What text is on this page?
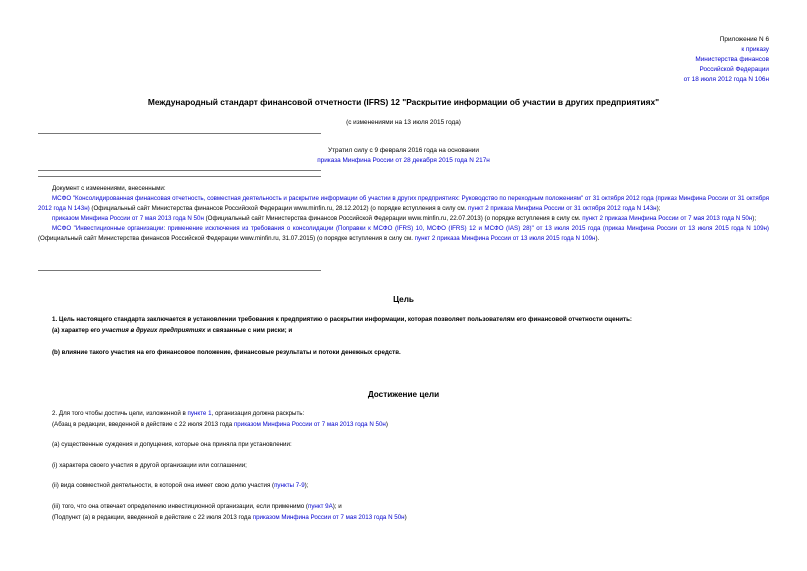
Приложение N 6
к приказу
Министерства финансов
Российской Федерации
от 18 июля 2012 года N 106н
Международный стандарт финансовой отчетности (IFRS) 12 "Раскрытие информации об участии в других предприятиях"
(с изменениями на 13 июля 2015 года)
Утратил силу с 9 февраля 2016 года на основании
приказа Минфина России от 28 декабря 2015 года N 217н

Документ с изменениями, внесенными:

МСФО "Консолидированная финансовая отчетность, совместная деятельность и раскрытие информации об участии в других предприятиях: Руководство по переходным положениям" от 31 октября 2012 года (приказ Минфина России от 31 октября 2012 года N 143н) (Официальный сайт Министерства финансов Российской Федерации www.minfin.ru, 28.12.2012) (о порядке вступления в силу см. пункт 2 приказа Минфина России от 31 октября 2012 года N 143н);

приказом Минфина России от 7 мая 2013 года N 50н (Официальный сайт Министерства финансов Российской Федерации www.minfin.ru, 22.07.2013) (о порядке вступления в силу см. пункт 2 приказа Минфина России от 7 мая 2013 года N 50н);

МСФО "Инвестиционные организации: применение исключения из требования о консолидации (Поправки к МСФО (IFRS) 10, МСФО (IFRS) 12 и МСФО (IAS) 28)" от 13 июля 2015 года (приказ Минфина России от 13 июля 2015 года N 109н) (Официальный сайт Министерства финансов Российской Федерации www.minfin.ru, 31.07.2015) (о порядке вступления в силу см. пункт 2 приказа Минфина России от 13 июля 2015 года N 109н).

Цель
1. Цель настоящего стандарта заключается в установлении требования к предприятию о раскрытии информации, которая позволяет пользователям его финансовой отчетности оценить:
(a) характер его участия в других предприятиях и связанные с ним риски; и
(b) влияние такого участия на его финансовое положение, финансовые результаты и потоки денежных средств.
Достижение цели
2. Для того чтобы достичь цели, изложенной в пункте 1, организация должна раскрыть:
(Абзац в редакции, введенной в действие с 22 июля 2013 года приказом Минфина России от 7 мая 2013 года N 50н)
(a) существенные суждения и допущения, которые она приняла при установлении:
(i) характера своего участия в другой организации или соглашении;
(ii) вида совместной деятельности, в которой она имеет свою долю участия (пункты 7-9);
(iii) того, что она отвечает определению инвестиционной организации, если применимо (пункт 9A); и
(Подпункт (a) в редакции, введенной в действие с 22 июля 2013 года приказом Минфина России от 7 мая 2013 года N 50н)
